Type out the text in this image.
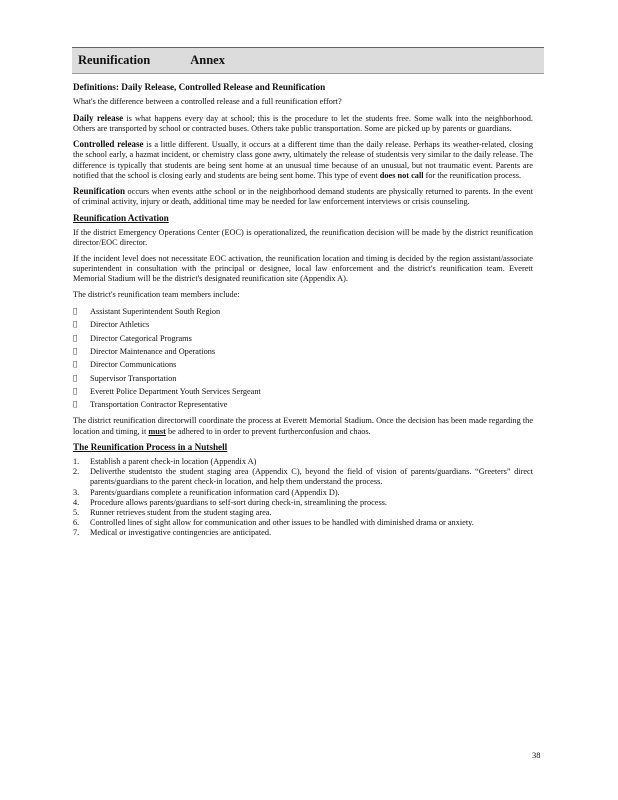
Reunification	Annex
Definitions: Daily Release, Controlled Release and Reunification

What's the difference between a controlled release and a full reunification effort?

Daily release is what happens every day at school; this is the procedure to let the students free. Some walk into the neighborhood. Others are transported by school or contracted buses. Others take public transportation. Some are picked up by parents or guardians.

Controlled release is a little different. Usually, it occurs at a different time than the daily release. Perhaps its weather-related, closing the school early, a hazmat incident, or chemistry class gone awry, ultimately the release of studentsis very similar to the daily release. The difference is typically that students are being sent home at an unusual time because of an unusual, but not traumatic event. Parents are notified that the school is closing early and students are being sent home. This type of event does not call for the reunification process.

Reunification occurs when events atthe school or in the neighborhood demand students are physically returned to parents. In the event of criminal activity, injury or death, additional time may be needed for law enforcement interviews or crisis counseling.

Reunification Activation

If the district Emergency Operations Center (EOC) is operationalized, the reunification decision will be made by the district reunification director/EOC director.

If the incident level does not necessitate EOC activation, the reunification location and timing is decided by the region assistant/associate superintendent in consultation with the principal or designee, local law enforcement and the district's reunification team. Everett Memorial Stadium will be the district's designated reunification site (Appendix A).

The district's reunification team members include:

Assistant Superintendent South Region
Director Athletics
Director Categorical Programs
Director Maintenance and Operations
Director Communications
Supervisor Transportation
Everett Police Department Youth Services Sergeant
Transportation Contractor Representative

The district reunification directorwill coordinate the process at Everett Memorial Stadium. Once the decision has been made regarding the location and timing, it must be adhered to in order to prevent furtherconfusion and chaos.

The Reunification Process in a Nutshell
1.	Establish a parent check-in location (Appendix A)
2.	Deliverthe studentsto the student staging area (Appendix C), beyond the field of vision of parents/guardians. “Greeters” direct parents/guardians to the parent check-in location, and help them understand the process.
3.	Parents/guardians complete a reunification information card (Appendix D).
4.	Procedure allows parents/guardians to self-sort during check-in, streamlining the process.
5.	Runner retrieves student from the student staging area.
6.	Controlled lines of sight allow for communication and other issues to be handled with diminished drama or anxiety.
7.	Medical or investigative contingencies are anticipated.
38
